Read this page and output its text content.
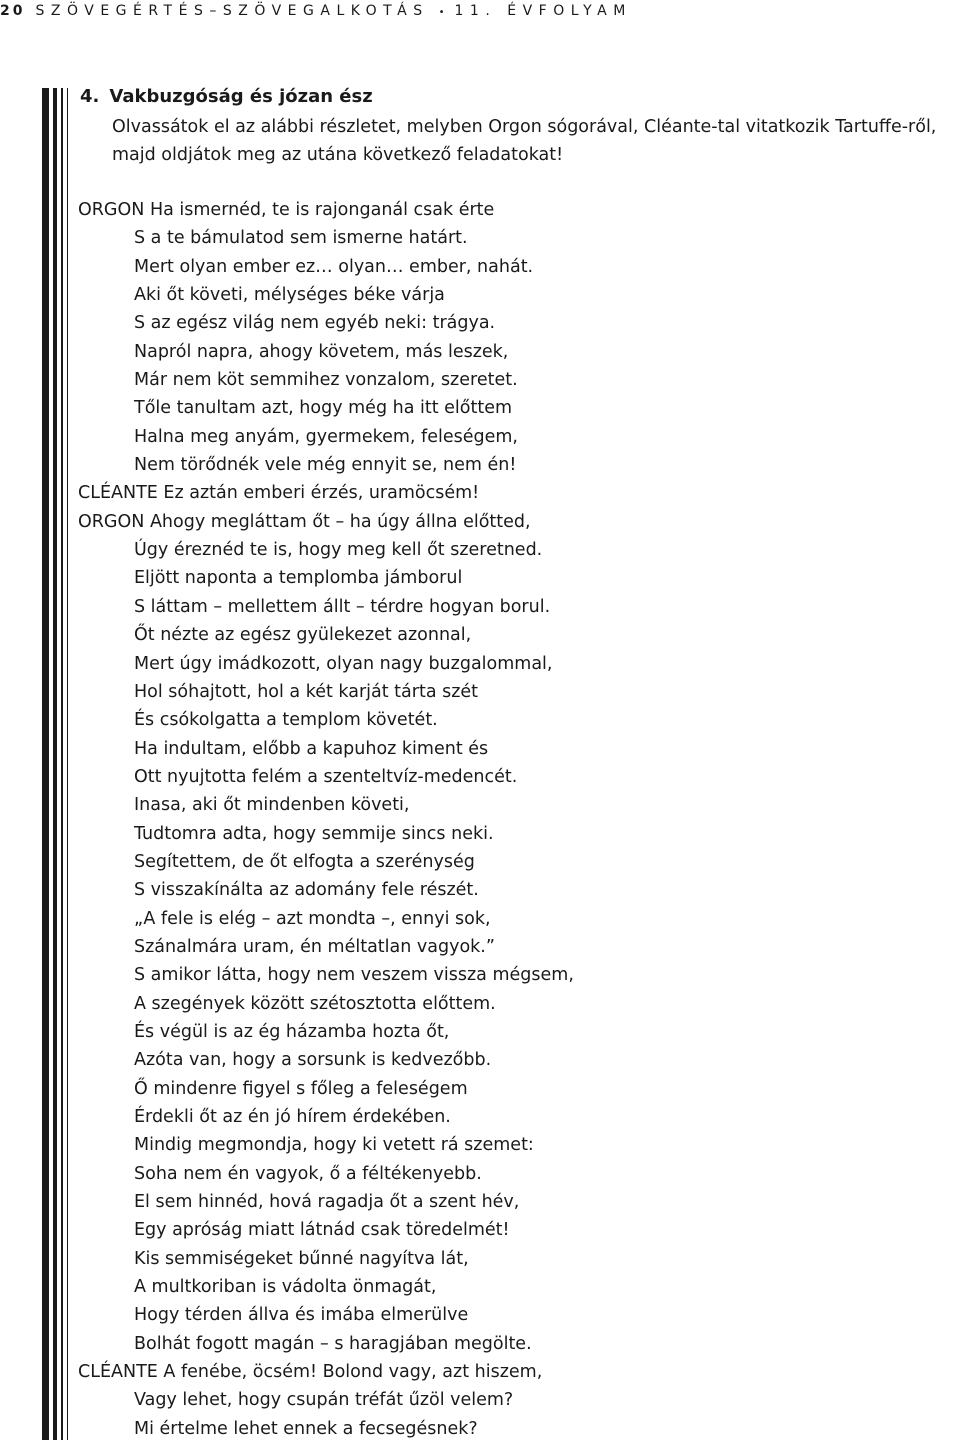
20 SZÖVEGÉRTÉS–SZÖVEGALKOTÁS • 11. ÉVFOLYAM
4. Vakbuzgóság és józan ész
Olvassátok el az alábbi részletet, melyben Orgon sógorával, Cléante-tal vitatkozik Tartuffe-ről, majd oldjátok meg az utána következő feladatokat!
ORGON Ha ismernéd, te is rajonganál csak érte
S a te bámulatod sem ismerne határt.
Mert olyan ember ez… olyan… ember, nahát.
Aki őt követi, mélységes béke várja
S az egész világ nem egyéb neki: trágya.
Napról napra, ahogy követem, más leszek,
Már nem köt semmihez vonzalom, szeretet.
Tőle tanultam azt, hogy még ha itt előttem
Halna meg anyám, gyermekem, feleségem,
Nem törődnék vele még ennyit se, nem én!
CLÉANTE Ez aztán emberi érzés, uramöcsém!
ORGON Ahogy megláttam őt – ha úgy állna előtted,
Úgy éreznéd te is, hogy meg kell őt szeretned.
Eljött naponta a templomba jámborul
S láttam – mellettem állt – térdre hogyan borul.
Őt nézte az egész gyülekezet azonnal,
Mert úgy imádkozott, olyan nagy buzgalommal,
Hol sóhajtott, hol a két karját tárta szét
És csókolgatta a templom követét.
Ha indultam, előbb a kapuhoz kiment és
Ott nyujtotta felém a szenteltvíz-medencét.
Inasa, aki őt mindenben követi,
Tudtomra adta, hogy semmije sincs neki.
Segítettem, de őt elfogta a szerénység
S visszakínálta az adomány fele részét.
„A fele is elég – azt mondta –, ennyi sok,
Szánalmára uram, én méltatlan vagyok.”
S amikor látta, hogy nem veszem vissza mégsem,
A szegények között szétosztotta előttem.
És végül is az ég házamba hozta őt,
Azóta van, hogy a sorsunk is kedvezőbb.
Ő mindenre figyel s főleg a feleségem
Érdekli őt az én jó hírem érdekében.
Mindig megmondja, hogy ki vetett rá szemet:
Soha nem én vagyok, ő a féltékenyebb.
El sem hinnéd, hová ragadja őt a szent hév,
Egy apróság miatt látnád csak töredelmét!
Kis semmiségeket bűnné nagyítva lát,
A multkoriban is vádolta önmagát,
Hogy térden állva és imába elmerülve
Bolhát fogott magán – s haragjában megölte.
CLÉANTE A fenébe, öcsém! Bolond vagy, azt hiszem,
Vagy lehet, hogy csupán tréfát űzöl velem?
Mi értelme lehet ennek a fecsegésnek?
